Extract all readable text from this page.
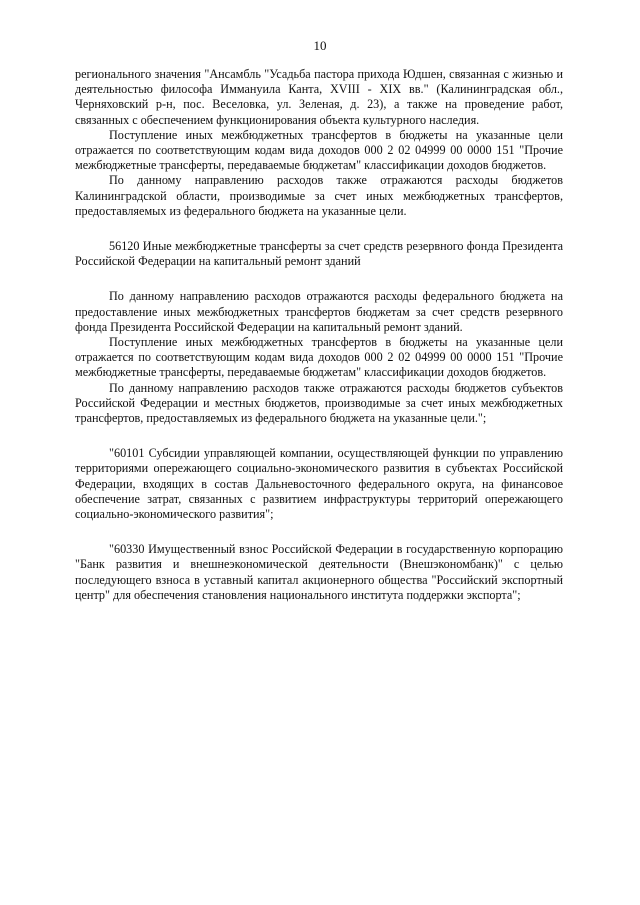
10

регионального значения "Ансамбль "Усадьба пастора прихода Юдшен, связанная с жизнью и деятельностью философа Иммануила Канта, XVIII - XIX вв." (Калининградская обл., Черняховский р-н, пос. Веселовка, ул. Зеленая, д. 23), а также на проведение работ, связанных с обеспечением функционирования объекта культурного наследия.

Поступление иных межбюджетных трансфертов в бюджеты на указанные цели отражается по соответствующим кодам вида доходов 000 2 02 04999 00 0000 151 "Прочие межбюджетные трансферты, передаваемые бюджетам" классификации доходов бюджетов.

По данному направлению расходов также отражаются расходы бюджетов Калининградской области, производимые за счет иных межбюджетных трансфертов, предоставляемых из федерального бюджета на указанные цели.

56120 Иные межбюджетные трансферты за счет средств резервного фонда Президента Российской Федерации на капитальный ремонт зданий

По данному направлению расходов отражаются расходы федерального бюджета на предоставление иных межбюджетных трансфертов бюджетам за счет средств резервного фонда Президента Российской Федерации на капитальный ремонт зданий.

Поступление иных межбюджетных трансфертов в бюджеты на указанные цели отражается по соответствующим кодам вида доходов 000 2 02 04999 00 0000 151 "Прочие межбюджетные трансферты, передаваемые бюджетам" классификации доходов бюджетов.

По данному направлению расходов также отражаются расходы бюджетов субъектов Российской Федерации и местных бюджетов, производимые за счет иных межбюджетных трансфертов, предоставляемых из федерального бюджета на указанные цели.";

"60101 Субсидии управляющей компании, осуществляющей функции по управлению территориями опережающего социально-экономического развития в субъектах Российской Федерации, входящих в состав Дальневосточного федерального округа, на финансовое обеспечение затрат, связанных с развитием инфраструктуры территорий опережающего социально-экономического развития";

"60330 Имущественный взнос Российской Федерации в государственную корпорацию "Банк развития и внешнеэкономической деятельности (Внешэкономбанк)" с целью последующего взноса в уставный капитал акционерного общества "Российский экспортный центр" для обеспечения становления национального института поддержки экспорта";
